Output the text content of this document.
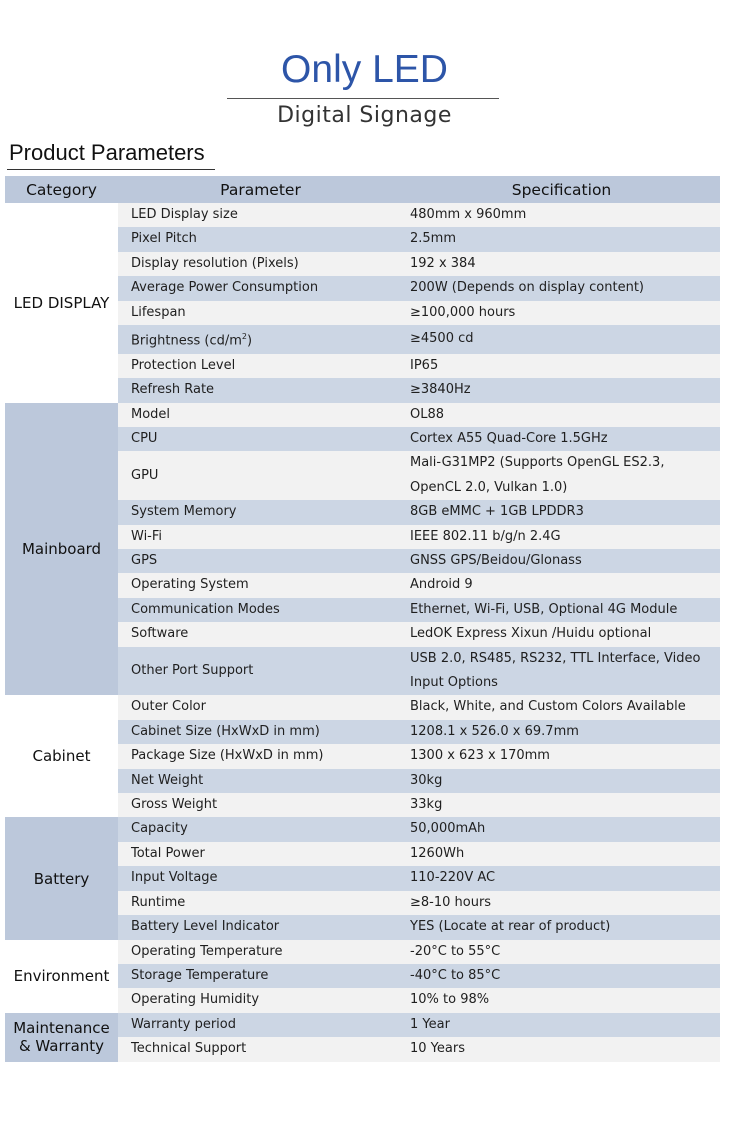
Only LED
Digital Signage
Product Parameters
Category	Parameter	Specification

LED DISPLAY	LED Display size	480mm x 960mm

	Pixel Pitch	2.5mm

	Display resolution (Pixels)	192 x 384

	Average Power Consumption	200W (Depends on display content)

	Lifespan	≥100,000 hours

	Brightness $(cd/m^2)$	≥4500 cd

	Protection Level	IP65

	Refresh Rate	≥3840Hz

Mainboard	Model	OL88

	CPU	Cortex A55 Quad-Core 1.5GHz

	GPU	Mali-G31MP2 (Supports OpenGL ES2.3,
OpenCL 2.0, Vulkan 1.0)

	System Memory	8GB eMMC + 1GB LPDDR3

	Wi-Fi	IEEE 802.11 b/g/n 2.4G

	GPS	GNSS GPS/Beidou/Glonass

	Operating System	Android 9

	Communication Modes	Ethernet, Wi-Fi, USB, Optional 4G Module

	Software	LedOK Express Xixun /Huidu optional

	Other Port Support	USB 2.0, RS485, RS232, TTL Interface, Video
Input Options

Cabinet	Outer Color	Black, White, and Custom Colors Available

	Cabinet Size (HxWxD in mm)	1208.1 x 526.0 x 69.7mm

	Package Size (HxWxD in mm)	1300 x 623 x 170mm

	Net Weight	30kg

	Gross Weight	33kg

Battery	Capacity	50,000mAh

	Total Power	1260Wh

	Input Voltage	110-220V AC

	Runtime	≥8-10 hours

	Battery Level Indicator	YES (Locate at rear of product)

Environment	Operating Temperature	-20°C to 55°C

	Storage Temperature	-40°C to 85°C

	Operating Humidity	10% to 98%

Maintenance
& Warranty	Warranty period	1 Year

	Technical Support	10 Years
